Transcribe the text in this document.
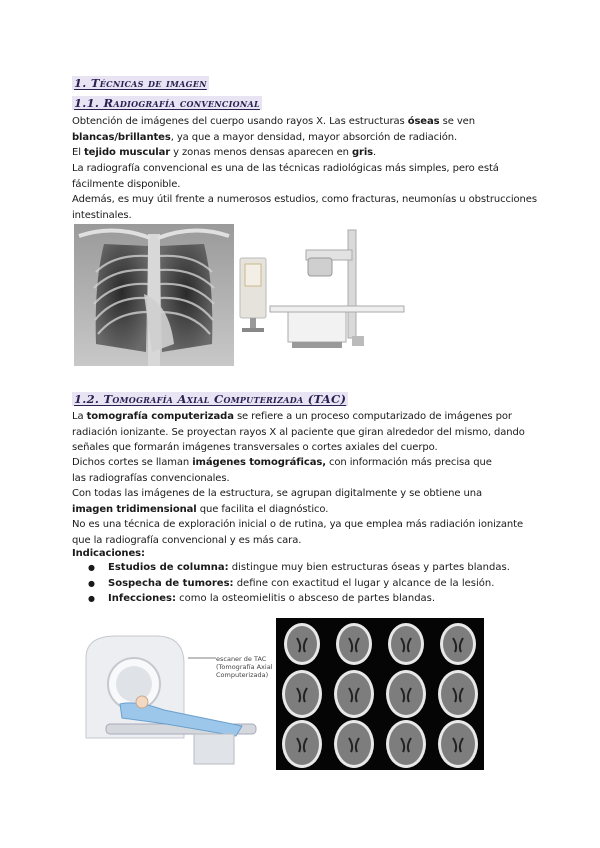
1. Técnicas de imagen
1.1. Radiografía convencional

Obtención de imágenes del cuerpo usando rayos X. Las estructuras óseas se ven blancas/brillantes, ya que a mayor densidad, mayor absorción de radiación.
El tejido muscular y zonas menos densas aparecen en gris.

La radiografía convencional es una de las técnicas radiológicas más simples, pero está fácilmente disponible.

Además, es muy útil frente a numerosos estudios, como fracturas, neumonías u obstrucciones intestinales.

1.2. Tomografía Axial Computerizada (TAC)

La tomografía computerizada se refiere a un proceso computarizado de imágenes por radiación ionizante. Se proyectan rayos X al paciente que giran alrededor del mismo, dando señales que formarán imágenes transversales o cortes axiales del cuerpo.

Dichos cortes se llaman imágenes tomográficas, con información más precisa que las radiografías convencionales.

Con todas las imágenes de la estructura, se agrupan digitalmente y se obtiene una imagen tridimensional que facilita el diagnóstico.

No es una técnica de exploración inicial o de rutina, ya que emplea más radiación ionizante que la radiografía convencional y es más cara.

Indicaciones:

● Estudios de columna: distingue muy bien estructuras óseas y partes blandas.
● Sospecha de tumores: define con exactitud el lugar y alcance de la lesión.
● Infecciones: como la osteomielitis o absceso de partes blandas.
escaner de TAC (Tomografía Axial Computerizada)
